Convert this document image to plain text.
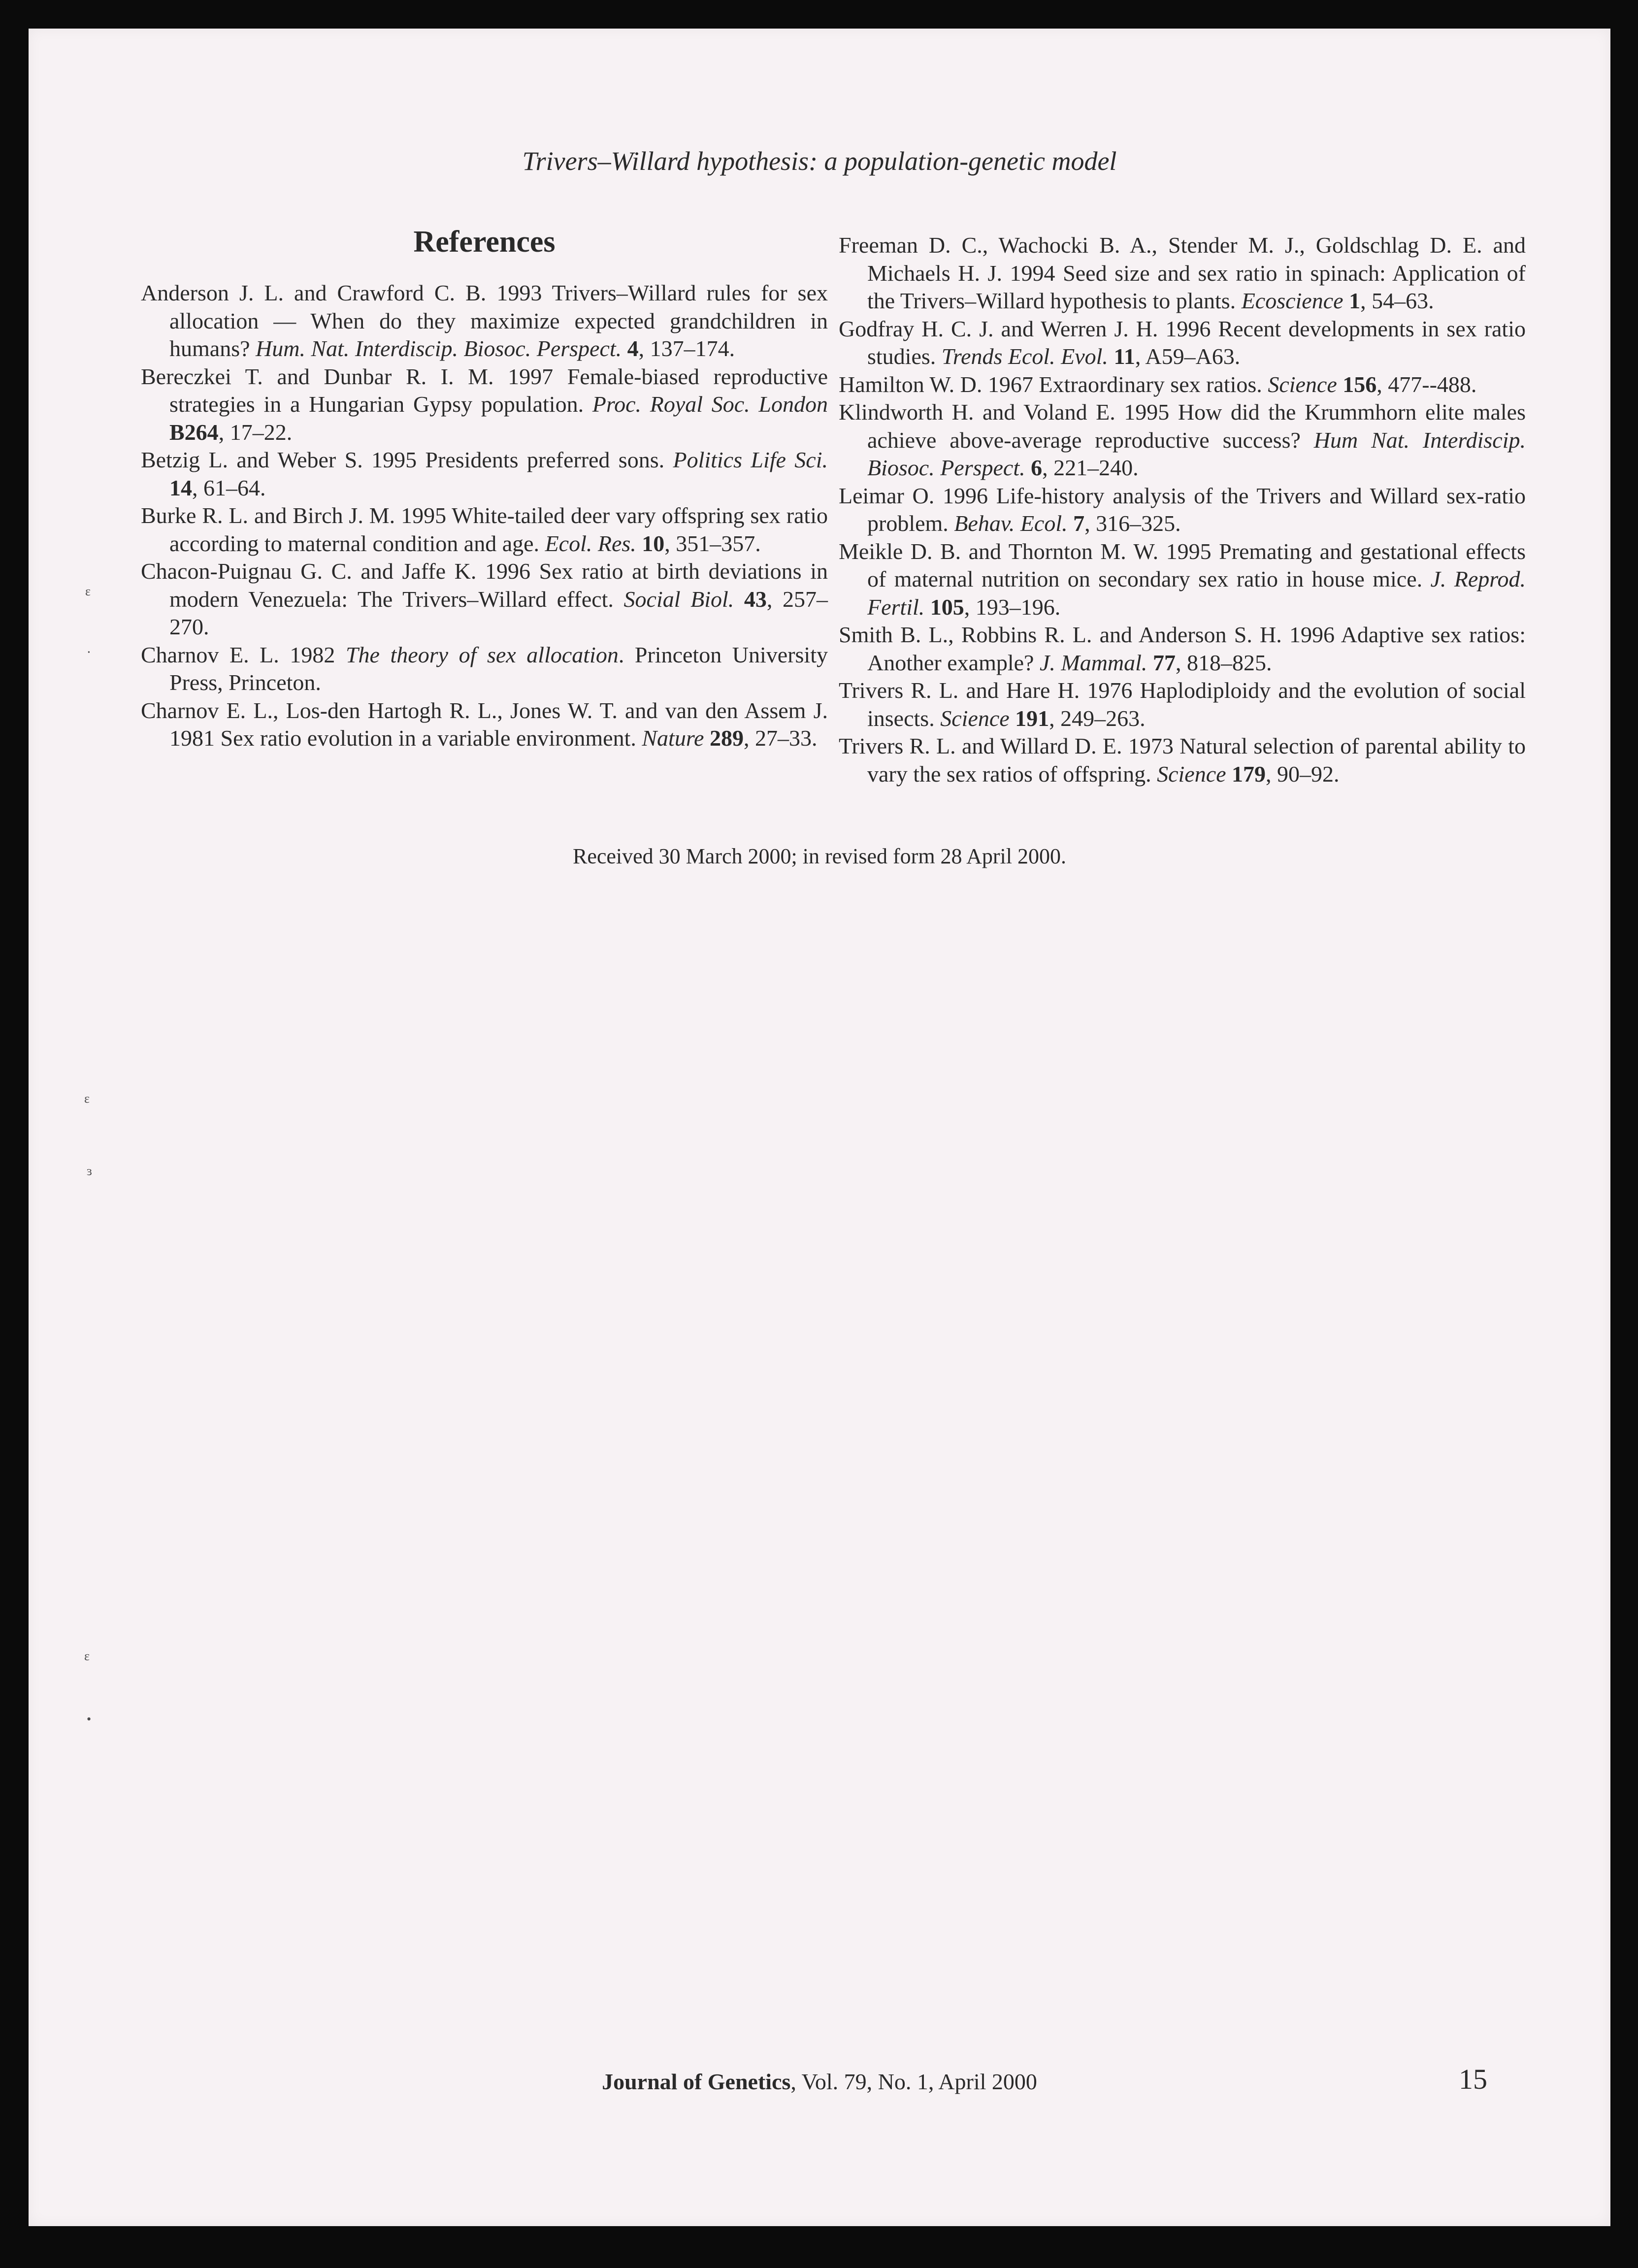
Trivers–Willard hypothesis: a population-genetic model
References
Anderson J. L. and Crawford C. B. 1993 Trivers–Willard rules for sex allocation — When do they maximize expected grandchildren in humans? Hum. Nat. Interdiscip. Biosoc. Perspect. 4, 137–174.
Bereczkei T. and Dunbar R. I. M. 1997 Female-biased reproductive strategies in a Hungarian Gypsy population. Proc. Royal Soc. London B264, 17–22.
Betzig L. and Weber S. 1995 Presidents preferred sons. Politics Life Sci. 14, 61–64.
Burke R. L. and Birch J. M. 1995 White-tailed deer vary offspring sex ratio according to maternal condition and age. Ecol. Res. 10, 351–357.
Chacon-Puignau G. C. and Jaffe K. 1996 Sex ratio at birth deviations in modern Venezuela: The Trivers–Willard effect. Social Biol. 43, 257–270.
Charnov E. L. 1982 The theory of sex allocation. Princeton University Press, Princeton.
Charnov E. L., Los-den Hartogh R. L., Jones W. T. and van den Assem J. 1981 Sex ratio evolution in a variable environment. Nature 289, 27–33.
Freeman D. C., Wachocki B. A., Stender M. J., Goldschlag D. E. and Michaels H. J. 1994 Seed size and sex ratio in spinach: Application of the Trivers–Willard hypothesis to plants. Ecoscience 1, 54–63.
Godfray H. C. J. and Werren J. H. 1996 Recent developments in sex ratio studies. Trends Ecol. Evol. 11, A59–A63.
Hamilton W. D. 1967 Extraordinary sex ratios. Science 156, 477--488.
Klindworth H. and Voland E. 1995 How did the Krummhorn elite males achieve above-average reproductive success? Hum Nat. Interdiscip. Biosoc. Perspect. 6, 221–240.
Leimar O. 1996 Life-history analysis of the Trivers and Willard sex-ratio problem. Behav. Ecol. 7, 316–325.
Meikle D. B. and Thornton M. W. 1995 Premating and gestational effects of maternal nutrition on secondary sex ratio in house mice. J. Reprod. Fertil. 105, 193–196.
Smith B. L., Robbins R. L. and Anderson S. H. 1996 Adaptive sex ratios: Another example? J. Mammal. 77, 818–825.
Trivers R. L. and Hare H. 1976 Haplodiploidy and the evolution of social insects. Science 191, 249–263.
Trivers R. L. and Willard D. E. 1973 Natural selection of parental ability to vary the sex ratios of offspring. Science 179, 90–92.
Received 30 March 2000; in revised form 28 April 2000.
Journal of Genetics, Vol. 79, No. 1, April 2000	15
ɛ
⋅
ɛ
ɜ
ɛ
•
